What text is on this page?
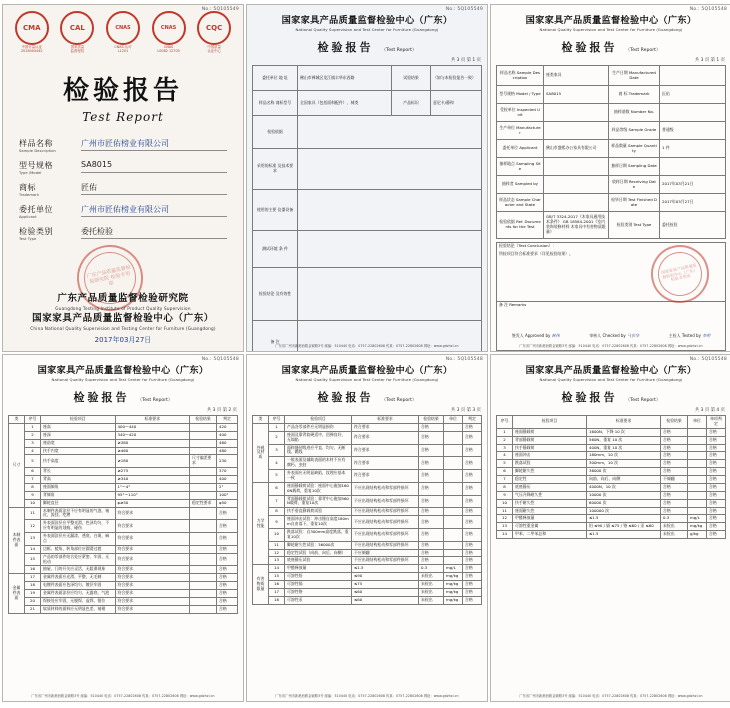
No.: 5Q105549
CMA
中国计量认证
2016000442
CAL
国家质量
监督授权
CNAS
CNAS 认可
L1201
CNAS
CNAS
L0082 12705
CQC
中国质量
认证中心
检验报告
Test Report
样品名称
Sample Description
广州市匠佑榜业有限公司
型号规格
Type /Model
SA8015
商标
Trademark
匠佑
委托单位
Applicant
广州市匠佑榜业有限公司
检验类别
Test Type
委托检验
广东产品质量监督检验研究院 检验专用章
广东产品质量监督检验研究院
Guangdong Testing Institute of Product Quality Supervision
国家家具产品质量监督检验中心（广东）
China National Quality Supervision and Testing Center for Furniture (Guangdong)
2017年03月27日
No.: 5Q105549
国家家具产品质量监督检验中心（广东）
National Quality Supervision and Test Center for Furniture (Guangdong)
检验报告 （Test Report）
共 3 页 第 1 页
委托单位 地 址	佛山市禅城区龙江镇丰华东西路	试验结果	（如与本检验报告一致）
样品名称 商标型号	全国家具（包括面料配件）、椅类	产品标识	意尼卡/静和
检验依据			
采用的标准 及技术要求			
使用的主要 仪器设备			
测试环境 条 件			
检验结论 及有效性			
备 注			
广东省广州市新港西路金颖路3号 邮编：510440 电话：0757-22802608 传真：0757-22802608 网址：www.gdzhzl.cn
No.: 5Q105548
国家家具产品质量监督检验中心（广东）
National Quality Supervision and Test Center for Furniture (Guangdong)
检验报告 （Test Report）
共 3 页 第 1 页
样品名称 Sample Description	座类家具	生产日期 Manufactured Date	
型号规格 Model / Type	SA8015	商 标 Trademark	匠佑
受检单位 Inspected Unit		抽样基数 Number No.	
生产单位 Manufacturer		样品等级 Sample Grade	普通级
委托单位 Applicant	佛山市盛熙办公家具有限公司	样品数量 Sample Quantity	1 件
抽样地点 Sampling Site		抽样日期 Sampling Date	
抽样者 Sampled by		收样日期 Receiving Date	2017年03月21日
样品状态 Sample Character and State		检毕日期 Test Finished Date	2017年03月27日
检验依据 Ref. Documents for the Test	GB/T 3324-2017《木家具通用技术条件》 GB 18584-2001《室内装饰装修材料 木家具中有害物质限量》	检验类别 Test Type	委托检验
检验结论（Test Conclusion）：
所检项目符合标准要求（详见检验结果）。

备 注 Remarks
国家家具产品质量监督检验中心（广东）检验专用章
签发人 Approved by 林伟	审核人 Checked by 马宏华	主检人 Tested by 李明
广东省广州市新港西路金颖路3号 邮编：510440 电话：0757-22802608 传真：0757-22802608 网址：www.gdzhzl.cn
No.: 5Q105548
国家家具产品质量监督检验中心（广东）
National Quality Supervision and Test Center for Furniture (Guangdong)
检验报告 （Test Report）
共 3 页 第 2 页
类	序号	检验项目	标准要求	检验结果	判定
尺寸	1	座高	400～440		420
	2	座深	340～420		400
	3	座前宽	≥380		460
	4	扶手内宽	≥460		480
	5	扶手高度	≥180	尺寸偏差要求	230
	6	背长	≥275		370
	7	背高	≥340		400
	8	座面倾角	1°～4°		2°
	9	背倾角	95°～110°		100°
	10	脚轮直径	φ≥50	稳定性要求	φ50
木制件表面	11	木制件表面涂层不应有明显的气泡、皱皮、流挂、疙瘩	符合要求		合格
	12	外表面涂层应平整光滑，色泽均匀，不应有明显的划痕、碰伤	符合要求		合格
	13	外表面涂层应无漏漆、透底、白斑、麻点	符合要求		合格
	14	边框、棱角、转角部位应圆滑过渡	符合要求		合格
	15	产品的零部件结合处应紧密、牢固、无松动	符合要求		合格
	16	抽屉、门的开关应灵活，无阻滞现象	符合要求		合格
金属件表面	17	金属件表面应光滑、平整，无毛刺	符合要求		合格
	18	电镀件表面应色泽均匀、镀层牢固	符合要求		合格
	19	金属件表面涂层应均匀、无露底、气泡	符合要求		合格
	20	焊接处应牢固，无脱焊、虚焊、错位	符合要求		合格
	21	软质材料的面料应无明显色差、皱褶	符合要求		合格
广东省广州市新港西路金颖路3号 邮编：510440 电话：0757-22802608 传真：0757-22802608 网址：www.gdzhzl.cn
No.: 5Q105548
国家家具产品质量监督检验中心（广东）
National Quality Supervision and Test Center for Furniture (Guangdong)
检验报告 （Test Report）
共 3 页 第 3 页
类	序号	检验项目	标准要求	检验结果	单位	判定
外观及材质	1	产品各零部件应无明显损伤	符合要求	合格		合格
	2	座面及靠背软硬适中，回弹良好，无塌陷	符合要求	合格		合格
	3	面料缝纫线迹应平直、均匀，无断线、跳线	符合要求	合格		合格
	4	一般表面及辅助表面的木材不应有腐朽、虫蛀	符合要求	合格		合格
	5	外表面应无明显缺陷，纹理应基本一致	符合要求	合格		合格
力学性能	6	座面静载荷试验：座面中心施加1600N载荷，重复10次	不应出现结构松动和零部件损坏	合格		合格
	7	背面静载荷试验：靠背中心施加560N载荷，重复10次	不应出现结构松动和零部件损坏	合格		合格
	8	扶手垂直静载荷试验	不应出现结构松动和零部件损坏	合格		合格
	9	座面冲击试验：冲击锤自高度180mm自由落下，重复10次	不应出现结构松动和零部件损坏	合格		合格
	10	跌落试验：自300mm高度跌落，重复10次	不应出现结构松动和零部件损坏	合格		合格
	11	脚轮耐久性试验：36000次	不应出现结构松动和零部件损坏	合格		合格
	12	稳定性试验（向前、向后、向侧）	不应倾翻	合格		合格
	13	底座静压试验	不应出现结构松动和零部件损坏	合格		合格
有害物质限量	14	甲醛释放量	≤1.5	0.3	mg/L	合格
	15	可溶性铅	≤90	未检出	mg/kg	合格
	16	可溶性镉	≤75	未检出	mg/kg	合格
	17	可溶性铬	≤60	未检出	mg/kg	合格
	18	可溶性汞	≤60	未检出	mg/kg	合格
广东省广州市新港西路金颖路3号 邮编：510440 电话：0757-22802608 传真：0757-22802608 网址：www.gdzhzl.cn
No.: 5Q105548
国家家具产品质量监督检验中心（广东）
National Quality Supervision and Test Center for Furniture (Guangdong)
检验报告 （Test Report）
共 3 页 第 4 页
序号	检验项目	标准要求	检验结果	单位	单项判定
1	座面静载荷	1600N，下降 10 次	合格		合格
2	背部静载荷	560N，重复 10 次	合格		合格
3	扶手静载荷	400N，重复 10 次	合格		合格
4	座面冲击	180mm，10 次	合格		合格
5	跌落试验	300mm，10 次	合格		合格
6	脚轮耐久性	36000 次	合格		合格
7	稳定性	向前、向后、向侧	不倾翻		合格
8	底座静压	4000N，10 次	合格		合格
9	气压升降耐久性	10000 次	合格		合格
10	扶手耐久性	60000 次	合格		合格
11	座面耐久性	100000 次	合格		合格
12	甲醛释放量	≤1.5	0.3	mg/L	合格
13	可溶性重金属	铅 ≤90 / 镉 ≤75 / 铬 ≤60 / 汞 ≤60	未检出	mg/kg	合格
14	甲苯、二甲苯总和	≤1.5	未检出	g/kg	合格
广东省广州市新港西路金颖路3号 邮编：510440 电话：0757-22802608 传真：0757-22802608 网址：www.gdzhzl.cn
